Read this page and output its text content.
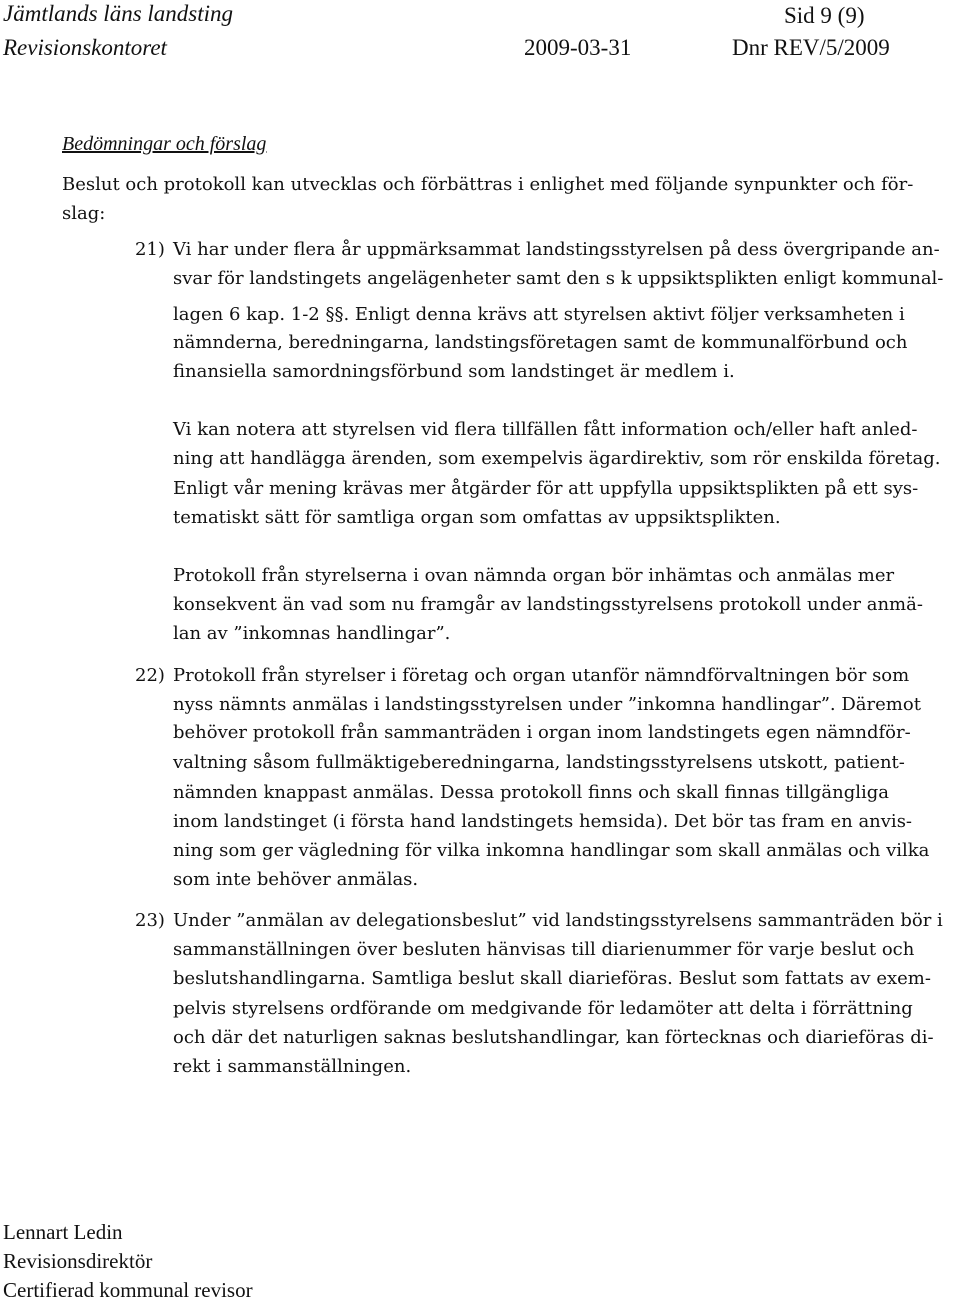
Jämtlands läns landsting	Sid 9 (9)
Revisionskontoret	2009-03-31	Dnr REV/5/2009
Bedömningar och förslag
Beslut och protokoll kan utvecklas och förbättras i enlighet med följande synpunkter och för-
slag:
21) Vi har under flera år uppmärksammat landstingsstyrelsen på dess övergripande an-
svar för landstingets angelägenheter samt den s k uppsiktsplikten enligt kommunal-
lagen 6 kap. 1-2 §§. Enligt denna krävs att styrelsen aktivt följer verksamheten i
nämnderna, beredningarna, landstingsföretagen samt de kommunalförbund och
finansiella samordningsförbund som landstinget är medlem i.
Vi kan notera att styrelsen vid flera tillfällen fått information och/eller haft anled-
ning att handlägga ärenden, som exempelvis ägardirektiv, som rör enskilda företag.
Enligt vår mening krävas mer åtgärder för att uppfylla uppsiktsplikten på ett sys-
tematiskt sätt för samtliga organ som omfattas av uppsiktsplikten.
Protokoll från styrelserna i ovan nämnda organ bör inhämtas och anmälas mer
konsekvent än vad som nu framgår av landstingsstyrelsens protokoll under anmä-
lan av ”inkomnas handlingar”.
22) Protokoll från styrelser i företag och organ utanför nämndförvaltningen bör som
nyss nämnts anmälas i landstingsstyrelsen under ”inkomna handlingar”. Däremot
behöver protokoll från sammanträden i organ inom landstingets egen nämndför-
valtning såsom fullmäktigeberedningarna, landstingsstyrelsens utskott, patient-
nämnden knappast anmälas. Dessa protokoll finns och skall finnas tillgängliga
inom landstinget (i första hand landstingets hemsida). Det bör tas fram en anvis-
ning som ger vägledning för vilka inkomna handlingar som skall anmälas och vilka
som inte behöver anmälas.
23) Under ”anmälan av delegationsbeslut” vid landstingsstyrelsens sammanträden bör i
sammanställningen över besluten hänvisas till diarienummer för varje beslut och
beslutshandlingarna. Samtliga beslut skall diarieföras. Beslut som fattats av exem-
pelvis styrelsens ordförande om medgivande för ledamöter att delta i förrättning
och där det naturligen saknas beslutshandlingar, kan förtecknas och diarieföras di-
rekt i sammanställningen.
Lennart Ledin
Revisionsdirektör
Certifierad kommunal revisor
